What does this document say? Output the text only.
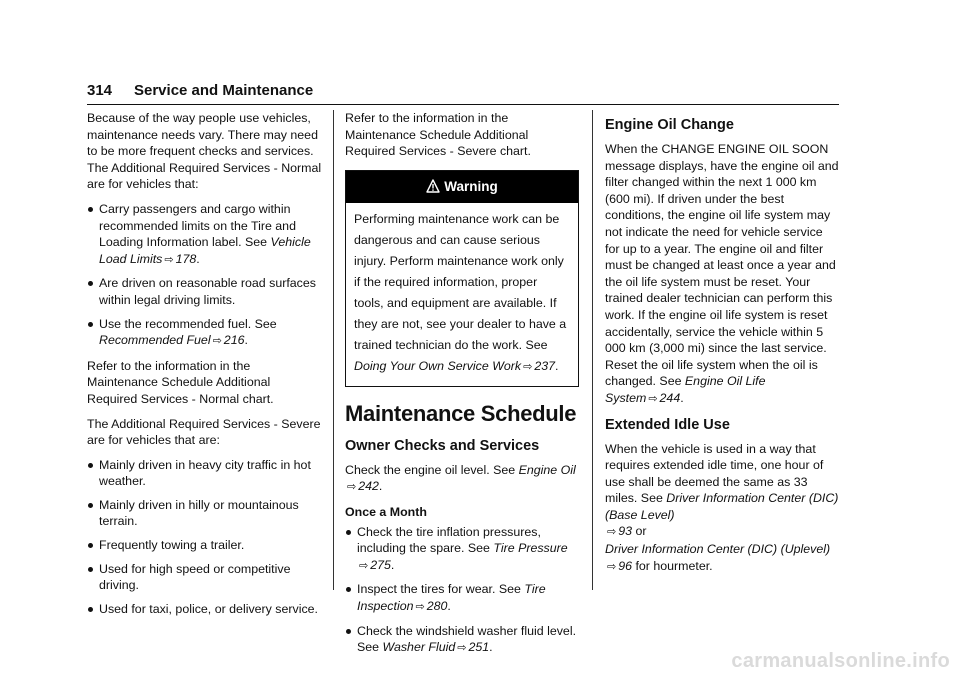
314 Service and Maintenance

Because of the way people use vehicles, maintenance needs vary. There may need to be more frequent checks and services. The Additional Required Services - Normal are for vehicles that:

Carry passengers and cargo within recommended limits on the Tire and Loading Information label. See Vehicle Load Limits ⇨ 178.
Are driven on reasonable road surfaces within legal driving limits.
Use the recommended fuel. See Recommended Fuel ⇨ 216.

Refer to the information in the Maintenance Schedule Additional Required Services - Normal chart.

The Additional Required Services - Severe are for vehicles that are:

Mainly driven in heavy city traffic in hot weather.
Mainly driven in hilly or mountainous terrain.
Frequently towing a trailer.
Used for high speed or competitive driving.
Used for taxi, police, or delivery service.

Refer to the information in the Maintenance Schedule Additional Required Services - Severe chart.

Warning
Performing maintenance work can be dangerous and can cause serious injury. Perform maintenance work only if the required information, proper tools, and equipment are available. If they are not, see your dealer to have a trained technician do the work. See Doing Your Own Service Work ⇨ 237.
Maintenance Schedule
Owner Checks and Services

Check the engine oil level. See Engine Oil
⇨ 242.

Once a Month
Check the tire inflation pressures, including the spare. See Tire Pressure
⇨ 275.
Inspect the tires for wear. See Tire Inspection ⇨ 280.
Check the windshield washer fluid level. See Washer Fluid ⇨ 251.
Engine Oil Change

When the CHANGE ENGINE OIL SOON message displays, have the engine oil and filter changed within the next 1 000 km (600 mi). If driven under the best conditions, the engine oil life system may not indicate the need for vehicle service for up to a year. The engine oil and filter must be changed at least once a year and the oil life system must be reset. Your trained dealer technician can perform this work. If the engine oil life system is reset accidentally, service the vehicle within 5 000 km (3,000 mi) since the last service. Reset the oil life system when the oil is changed. See Engine Oil Life System ⇨ 244.

Extended Idle Use

When the vehicle is used in a way that requires extended idle time, one hour of use shall be deemed the same as 33 miles. See Driver Information Center (DIC) (Base Level)
⇨ 93 or
Driver Information Center (DIC) (Uplevel)
⇨ 96 for hourmeter.

carmanualsonline.info
